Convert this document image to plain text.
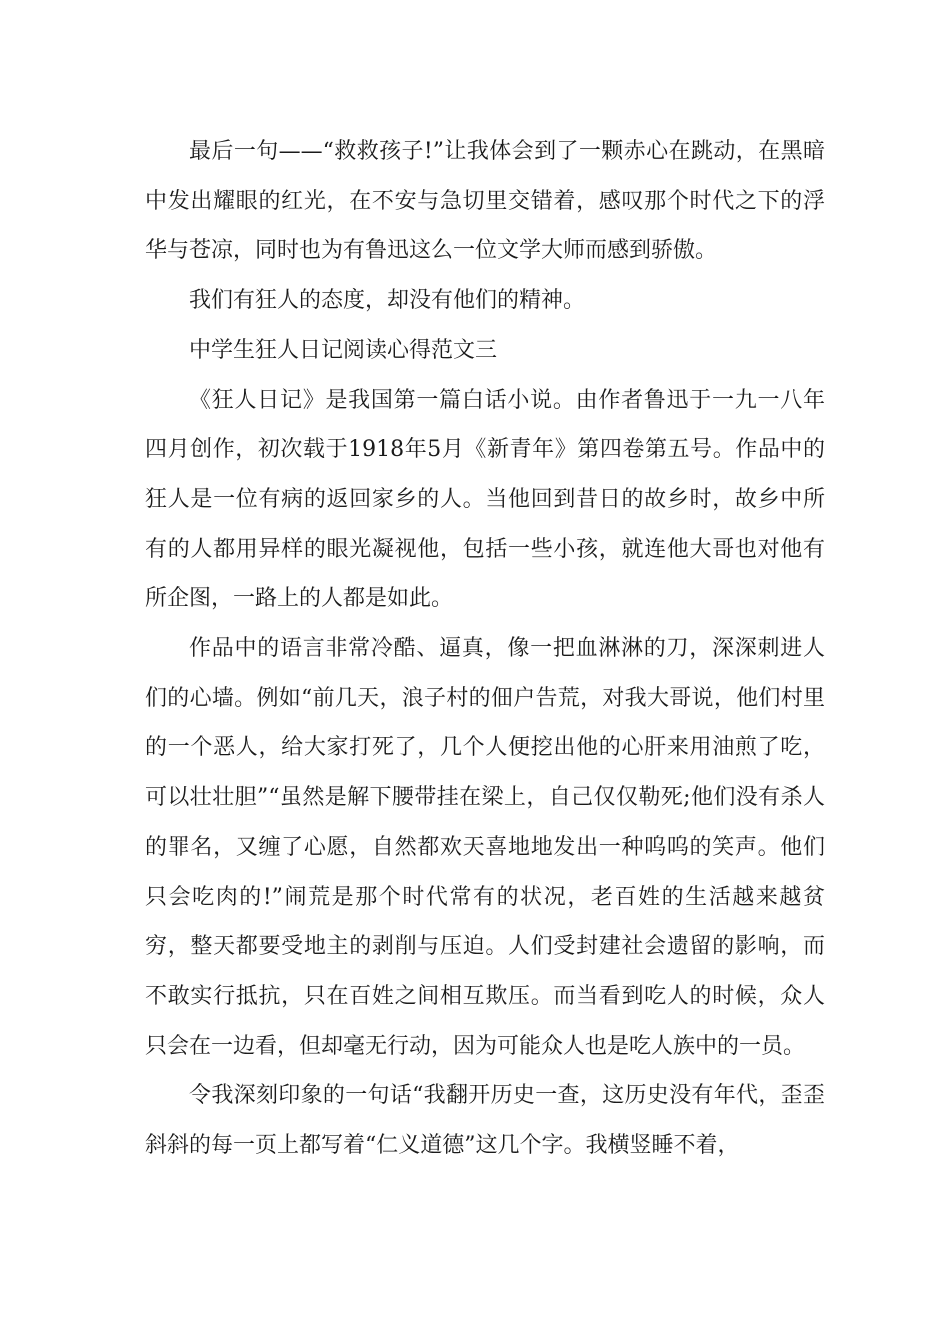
最后一句——“救救孩子!”让我体会到了一颗赤心在跳动，在黑暗中发出耀眼的红光，在不安与急切里交错着，感叹那个时代之下的浮华与苍凉，同时也为有鲁迅这么一位文学大师而感到骄傲。

我们有狂人的态度，却没有他们的精神。

中学生狂人日记阅读心得范文三

《狂人日记》是我国第一篇白话小说。由作者鲁迅于一九一八年四月创作，初次载于1918年5月《新青年》第四卷第五号。作品中的狂人是一位有病的返回家乡的人。当他回到昔日的故乡时，故乡中所有的人都用异样的眼光凝视他，包括一些小孩，就连他大哥也对他有所企图，一路上的人都是如此。

作品中的语言非常冷酷、逼真，像一把血淋淋的刀，深深刺进人们的心墙。例如“前几天，浪子村的佃户告荒，对我大哥说，他们村里的一个恶人，给大家打死了，几个人便挖出他的心肝来用油煎了吃，可以壮壮胆”“虽然是解下腰带挂在梁上，自己仅仅勒死;他们没有杀人的罪名，又缠了心愿，自然都欢天喜地地发出一种呜呜的笑声。他们只会吃肉的!”闹荒是那个时代常有的状况，老百姓的生活越来越贫穷，整天都要受地主的剥削与压迫。人们受封建社会遗留的影响，而不敢实行抵抗，只在百姓之间相互欺压。而当看到吃人的时候，众人只会在一边看，但却毫无行动，因为可能众人也是吃人族中的一员。

令我深刻印象的一句话“我翻开历史一查，这历史没有年代，歪歪斜斜的每一页上都写着“仁义道德”这几个字。我横竖睡不着，
